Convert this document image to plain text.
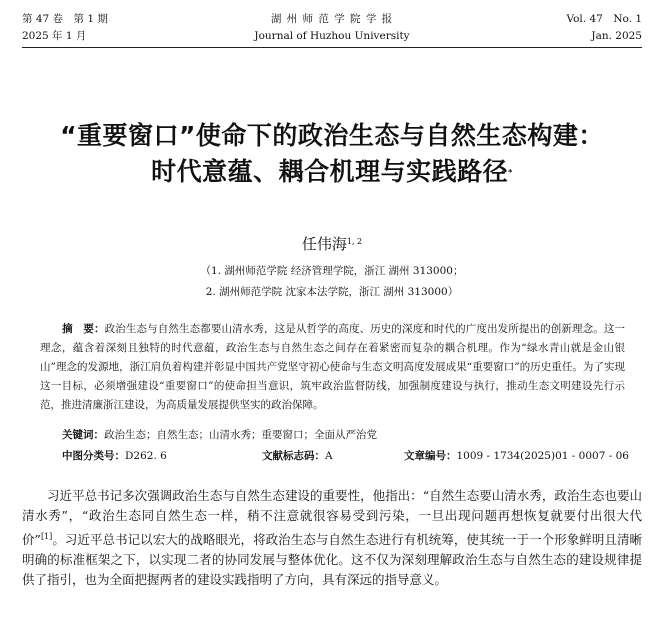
第 47 卷　第 1 期
2025 年 1 月
湖 州 师 范 学 院 学 报
Journal of Huzhou University
Vol. 47　No. 1
Jan. 2025
“重要窗口”使命下的政治生态与自然生态构建：
时代意蕴、耦合机理与实践路径*
任伟海$^{1, 2}$
（1. 湖州师范学院 经济管理学院，浙江 湖州 313000；
2. 湖州师范学院 沈家本法学院，浙江 湖州 313000）
摘　要：政治生态与自然生态都要山清水秀，这是从哲学的高度、历史的深度和时代的广度出发所提出的创新理念。这一理念，蕴含着深刻且独特的时代意蕴，政治生态与自然生态之间存在着紧密而复杂的耦合机理。作为“绿水青山就是金山银山”理念的发源地，浙江肩负着构建并彰显中国共产党坚守初心使命与生态文明高度发展成果“重要窗口”的历史重任。为了实现这一目标，必须增强建设“重要窗口”的使命担当意识，筑牢政治监督防线，加强制度建设与执行，推动生态文明建设先行示范，推进清廉浙江建设，为高质量发展提供坚实的政治保障。
关键词：政治生态；自然生态；山清水秀；重要窗口；全面从严治党
中图分类号：D262. 6	文献标志码：A	文章编号：1009 - 1734(2025)01 - 0007 - 06
习近平总书记多次强调政治生态与自然生态建设的重要性，他指出：“自然生态要山清水秀，政治生态也要山清水秀”，“政治生态同自然生态一样，稍不注意就很容易受到污染，一旦出现问题再想恢复就要付出很大代价”[1]。习近平总书记以宏大的战略眼光，将政治生态与自然生态进行有机统筹，使其统一于一个形象鲜明且清晰明确的标准框架之下，以实现二者的协同发展与整体优化。这不仅为深刻理解政治生态与自然生态的建设规律提供了指引，也为全面把握两者的建设实践指明了方向，具有深远的指导意义。
